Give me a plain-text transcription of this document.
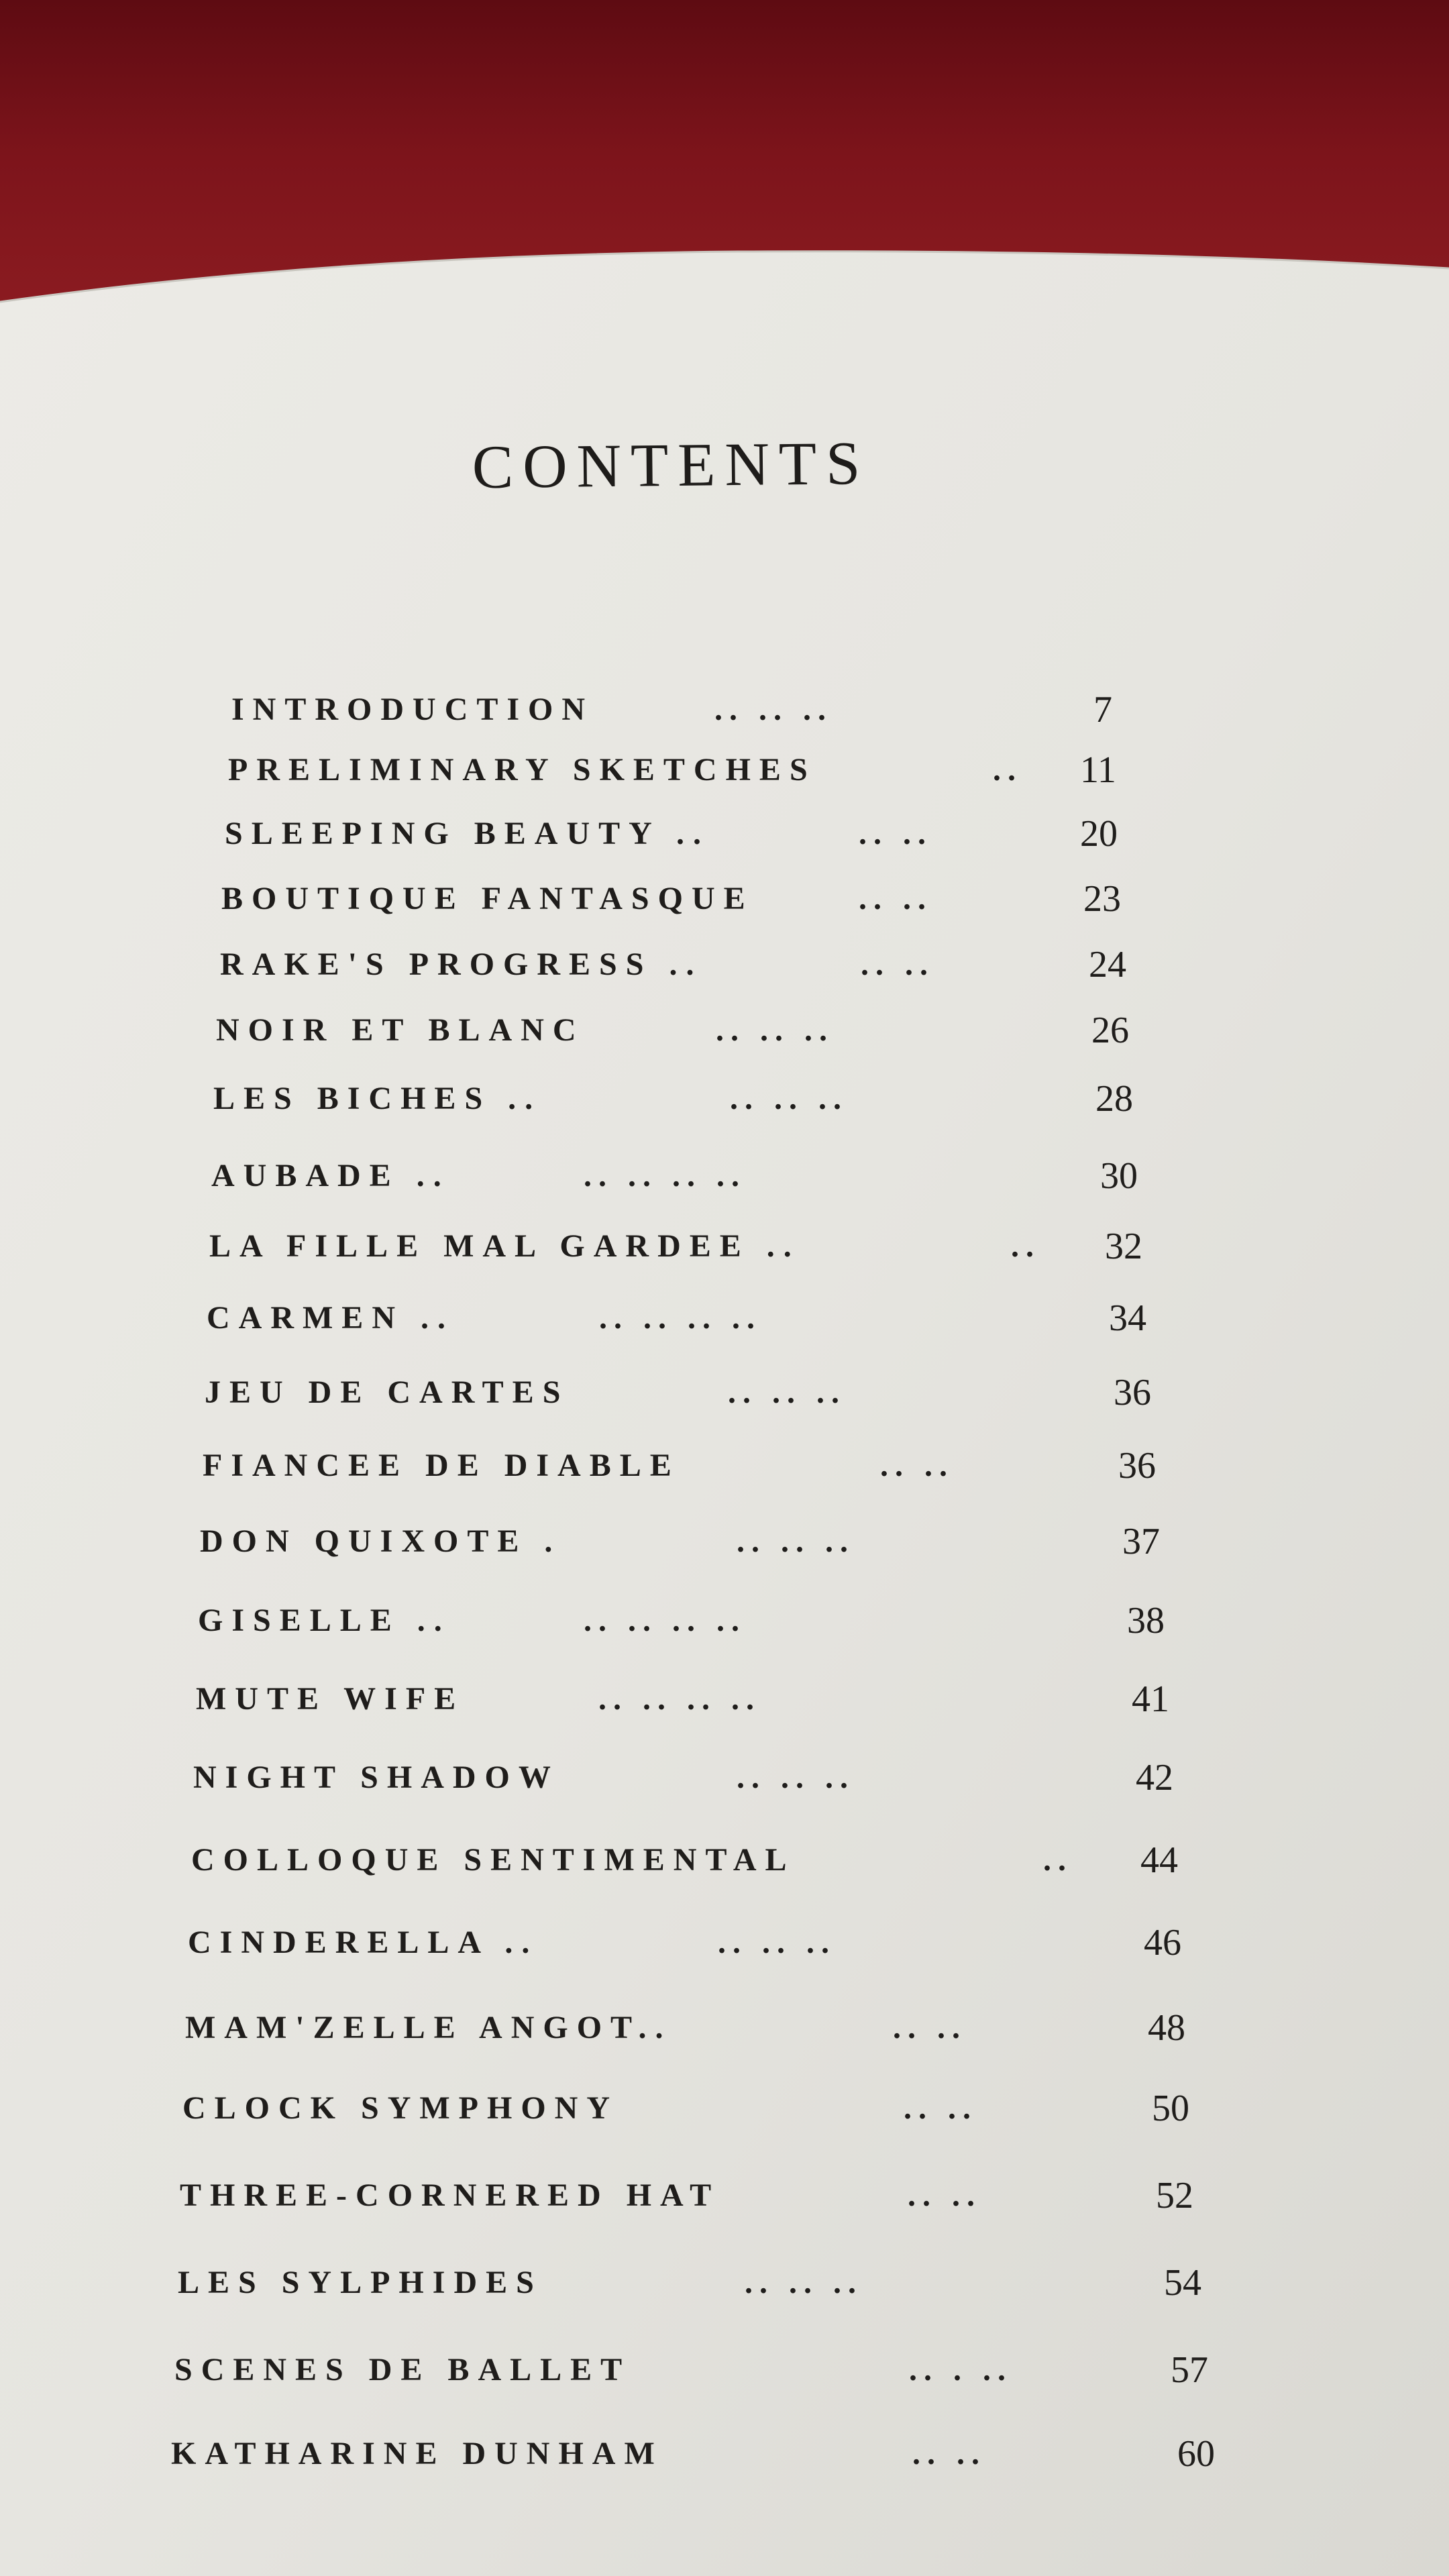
CONTENTS
INTRODUCTION	.. .. ..	7
PRELIMINARY SKETCHES	.. 11
SLEEPING BEAUTY ..	.. ..	20
BOUTIQUE FANTASQUE	.. ..	23
RAKE'S PROGRESS ..	.. ..	24
NOIR ET BLANC	.. .. ..	26
LES BICHES ..	.. .. ..	28
AUBADE ..	.. .. .. ..	30
LA FILLE MAL GARDEE ..	.. 32
CARMEN ..	.. .. .. ..	34
JEU DE CARTES	.. .. ..	36
FIANCEE DE DIABLE	.. ..	36
DON QUIXOTE .	.. .. ..	37
GISELLE ..	.. .. .. ..	38
MUTE WIFE	.. .. .. ..	41
NIGHT SHADOW	.. .. ..	42
COLLOQUE SENTIMENTAL	.. 44
CINDERELLA ..	.. .. ..	46
MAM'ZELLE ANGOT..	.. ..	48
CLOCK SYMPHONY	.. ..	50
THREE-CORNERED HAT	.. ..	52
LES SYLPHIDES	.. .. ..	54
SCENES DE BALLET	.. . ..	57
KATHARINE DUNHAM	.. ..	60
